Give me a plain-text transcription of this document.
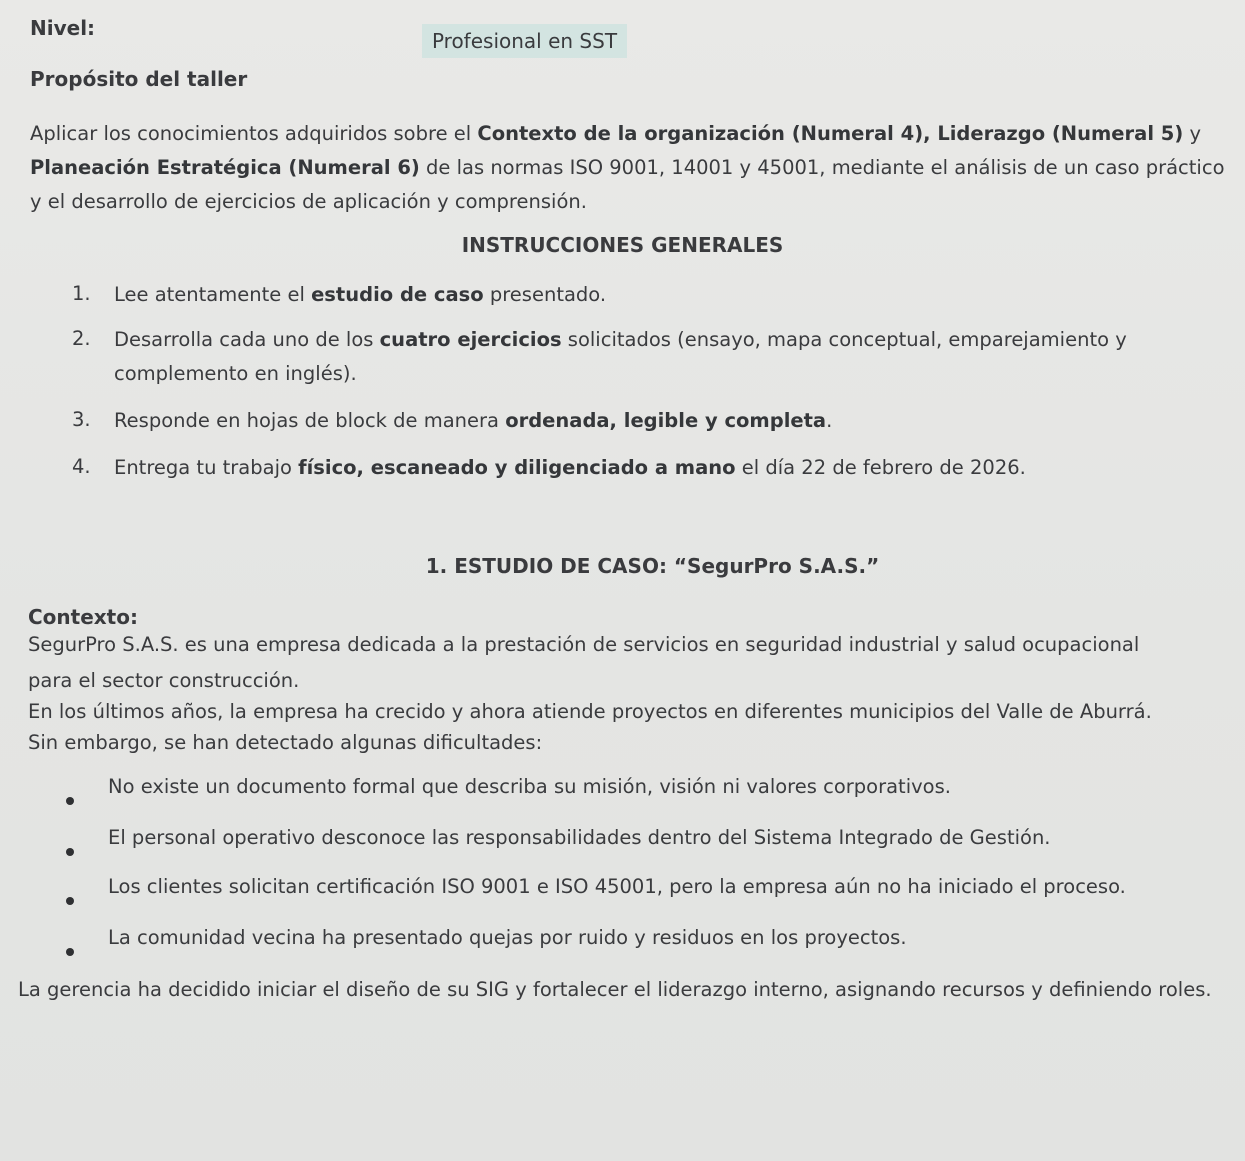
Nivel:
Profesional en SST
Propósito del taller
Aplicar los conocimientos adquiridos sobre el Contexto de la organización (Numeral 4), Liderazgo (Numeral 5) y Planeación Estratégica (Numeral 6) de las normas ISO 9001, 14001 y 45001, mediante el análisis de un caso práctico y el desarrollo de ejercicios de aplicación y comprensión.
INSTRUCCIONES GENERALES
1.	Lee atentamente el estudio de caso presentado.
2.	Desarrolla cada uno de los cuatro ejercicios solicitados (ensayo, mapa conceptual, emparejamiento y complemento en inglés).
3.	Responde en hojas de block de manera ordenada, legible y completa.
4.	Entrega tu trabajo físico, escaneado y diligenciado a mano el día 22 de febrero de 2026.
1. ESTUDIO DE CASO: “SegurPro S.A.S.”
Contexto:
SegurPro S.A.S. es una empresa dedicada a la prestación de servicios en seguridad industrial y salud ocupacional
para el sector construcción.
En los últimos años, la empresa ha crecido y ahora atiende proyectos en diferentes municipios del Valle de Aburrá.
Sin embargo, se han detectado algunas dificultades:
No existe un documento formal que describa su misión, visión ni valores corporativos.
El personal operativo desconoce las responsabilidades dentro del Sistema Integrado de Gestión.
Los clientes solicitan certificación ISO 9001 e ISO 45001, pero la empresa aún no ha iniciado el proceso.
La comunidad vecina ha presentado quejas por ruido y residuos en los proyectos.
La gerencia ha decidido iniciar el diseño de su SIG y fortalecer el liderazgo interno, asignando recursos y definiendo roles.
